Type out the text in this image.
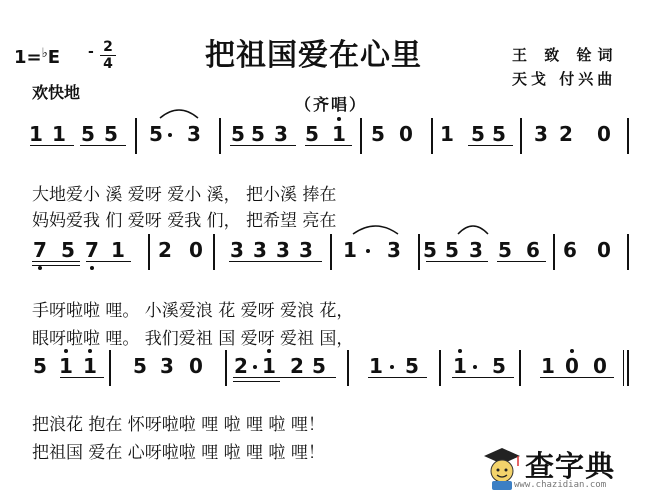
1=♭E - 2
4	把祖国爱在心里
欢快地
（齐唱）
王 致 铨词
天戈 付兴曲
1 1 5 5 5 3 5 5 3 5 1 5 0 1 5 5 3 2 0
7 5 7 1 2 0 3 3 3 3 1 3 5 5 3 5 6 6 0
5 1 1 5 3 0 2 1 2 5 1 5 1 5 1 0 0
大地爱小 溪 爱呀 爱小 溪， 把小溪 捧在
妈妈爱我 们 爱呀 爱我 们， 把希望 亮在
手呀啦啦 哩。 小溪爱浪 花 爱呀 爱浪 花，
眼呀啦啦 哩。 我们爱祖 国 爱呀 爱祖 国，
把浪花 抱在 怀呀啦啦 哩 啦 哩 啦 哩！
把祖国 爱在 心呀啦啦 哩 啦 哩 啦 哩！	查字典
www.chazidian.com
